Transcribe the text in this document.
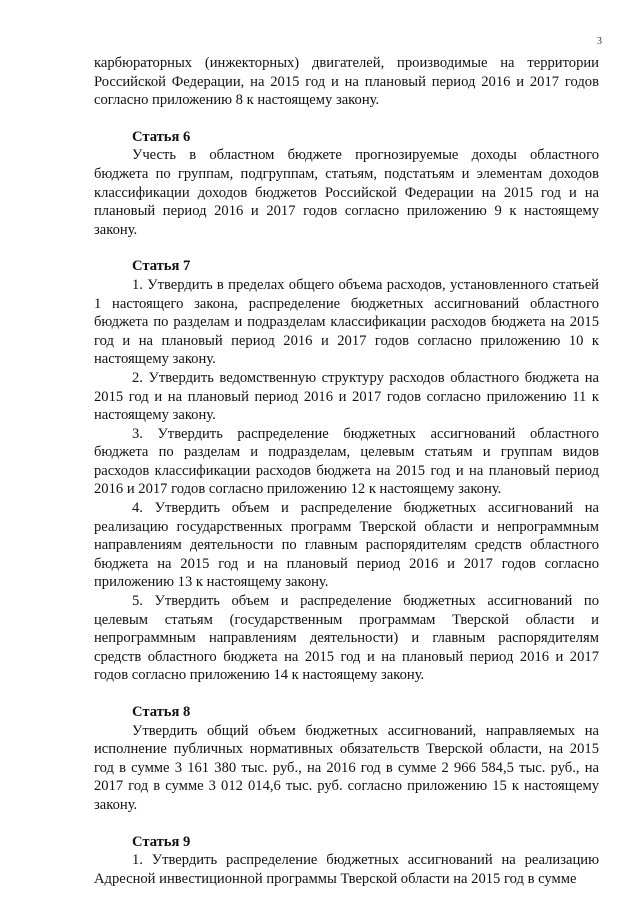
3

карбюраторных (инжекторных) двигателей, производимые на территории Российской Федерации, на 2015 год и на плановый период 2016 и 2017 годов согласно приложению 8 к настоящему закону.

Статья 6

Учесть в областном бюджете прогнозируемые доходы областного бюджета по группам, подгруппам, статьям, подстатьям и элементам доходов классификации доходов бюджетов Российской Федерации на 2015 год и на плановый период 2016 и 2017 годов согласно приложению 9 к настоящему закону.

Статья 7

1. Утвердить в пределах общего объема расходов, установленного статьей 1 настоящего закона, распределение бюджетных ассигнований областного бюджета по разделам и подразделам классификации расходов бюджета на 2015 год и на плановый период 2016 и 2017 годов согласно приложению 10 к настоящему закону.

2. Утвердить ведомственную структуру расходов областного бюджета на 2015 год и на плановый период 2016 и 2017 годов согласно приложению 11 к настоящему закону.

3. Утвердить распределение бюджетных ассигнований областного бюджета по разделам и подразделам, целевым статьям и группам видов расходов классификации расходов бюджета на 2015 год и на плановый период 2016 и 2017 годов согласно приложению 12 к настоящему закону.

4. Утвердить объем и распределение бюджетных ассигнований на реализацию государственных программ Тверской области и непрограммным направлениям деятельности по главным распорядителям средств областного бюджета на 2015 год и на плановый период 2016 и 2017 годов согласно приложению 13 к настоящему закону.

5. Утвердить объем и распределение бюджетных ассигнований по целевым статьям (государственным программам Тверской области и непрограммным направлениям деятельности) и главным распорядителям средств областного бюджета на 2015 год и на плановый период 2016 и 2017 годов согласно приложению 14 к настоящему закону.

Статья 8

Утвердить общий объем бюджетных ассигнований, направляемых на исполнение публичных нормативных обязательств Тверской области, на 2015 год в сумме 3 161 380 тыс. руб., на 2016 год в сумме 2 966 584,5 тыс. руб., на 2017 год в сумме 3 012 014,6 тыс. руб. согласно приложению 15 к настоящему закону.

Статья 9

1. Утвердить распределение бюджетных ассигнований на реализацию Адресной инвестиционной программы Тверской области на 2015 год в сумме
